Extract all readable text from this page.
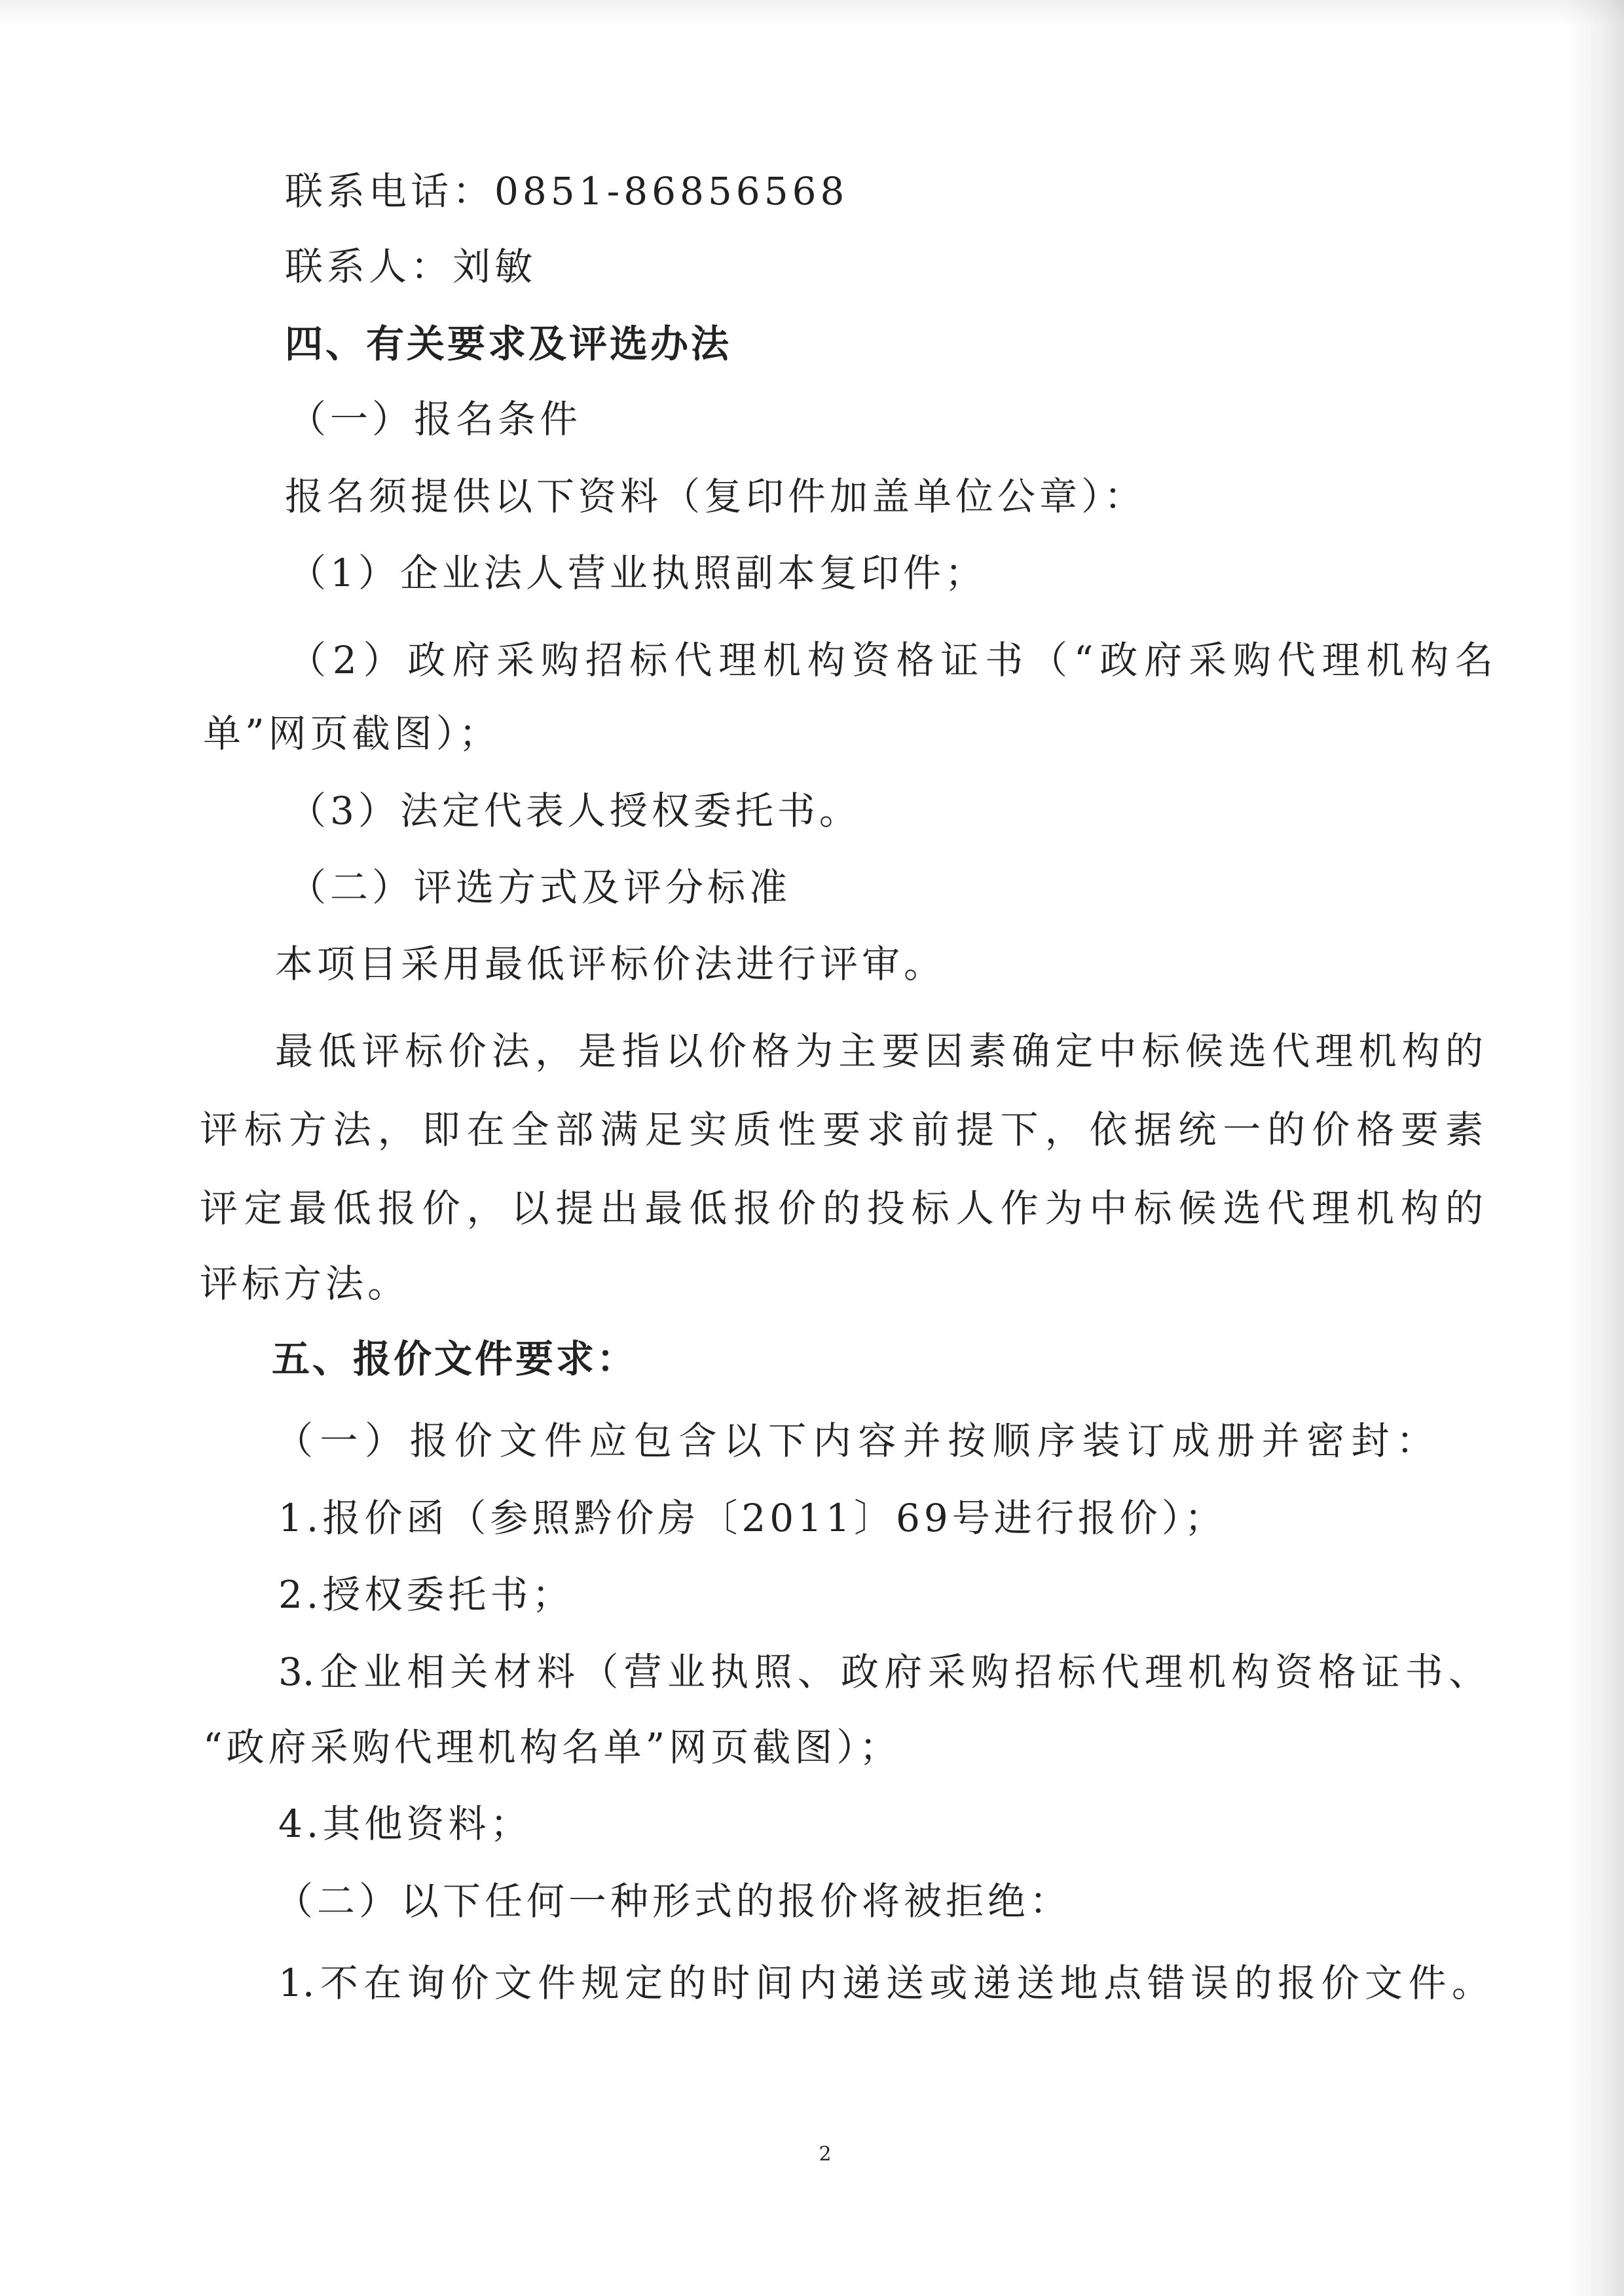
联系电话：0851-86856568
联系人：刘敏
四、有关要求及评选办法
（一）报名条件
报名须提供以下资料（复印件加盖单位公章）：
（1）企业法人营业执照副本复印件；
（2）政府采购招标代理机构资格证书（“政府采购代理机构名
单”网页截图）；
（3）法定代表人授权委托书。
（二）评选方式及评分标准
本项目采用最低评标价法进行评审。
最低评标价法，是指以价格为主要因素确定中标候选代理机构的
评标方法，即在全部满足实质性要求前提下，依据统一的价格要素
评定最低报价，以提出最低报价的投标人作为中标候选代理机构的
评标方法。
五、报价文件要求：
（一）报价文件应包含以下内容并按顺序装订成册并密封：
1.报价函（参照黔价房〔2011〕69号进行报价）；
2.授权委托书；
3.企业相关材料（营业执照、政府采购招标代理机构资格证书、
“政府采购代理机构名单”网页截图）；
4.其他资料；
（二）以下任何一种形式的报价将被拒绝：
1.不在询价文件规定的时间内递送或递送地点错误的报价文件。
2
